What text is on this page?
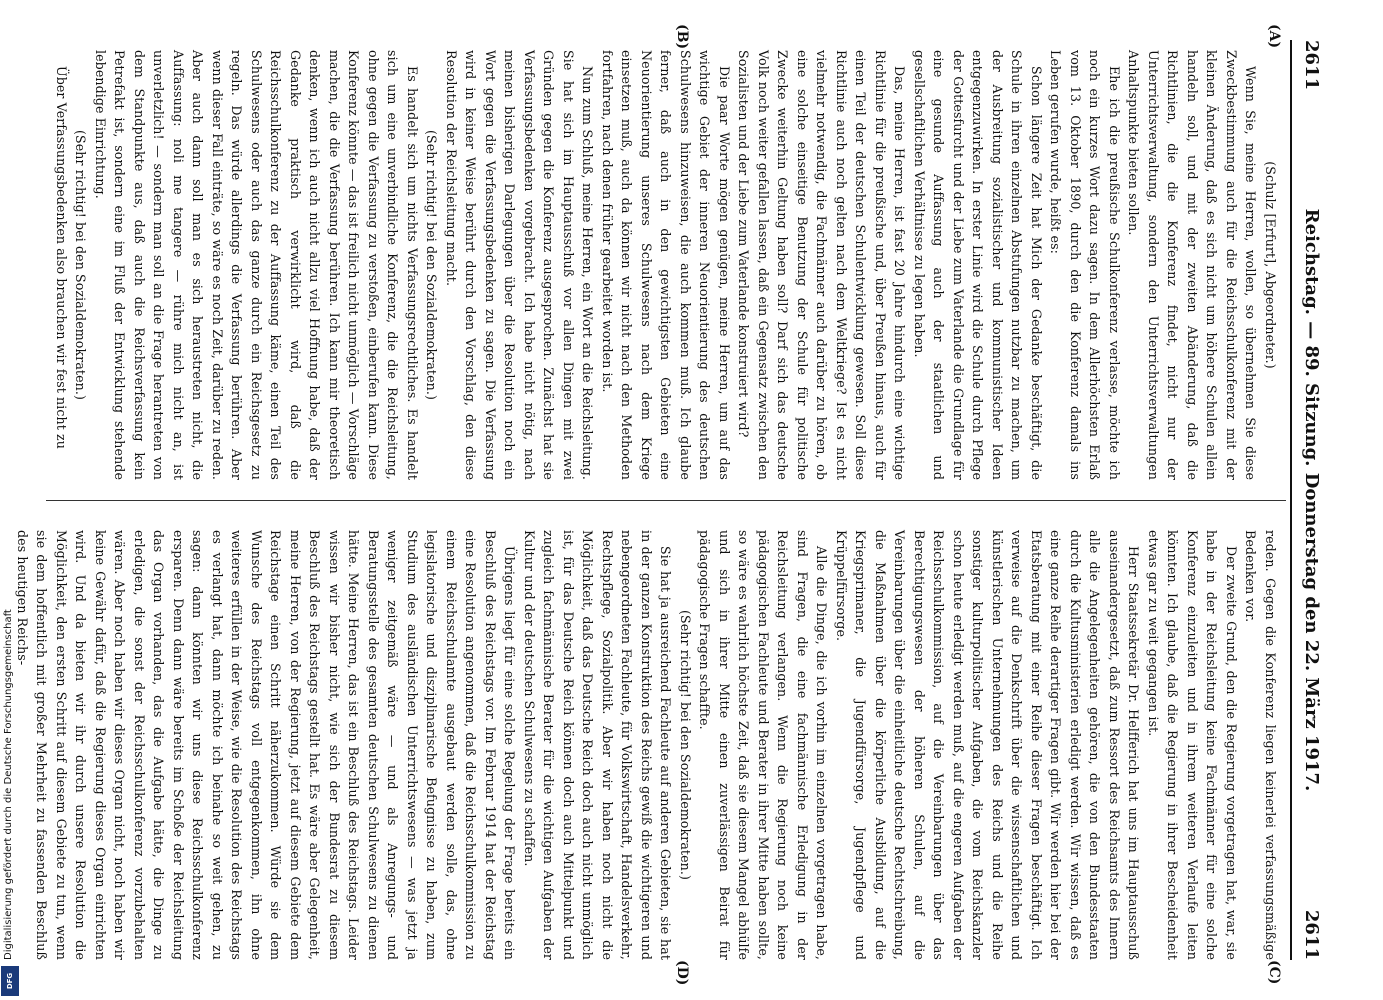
2611
Reichstag. — 89. Sitzung. Donnerstag den 22. März 1917.
2611
(A)
(B)
(C)
(D)

(Schulz [Erfurt], Abgeordneter.)

Wenn Sie, meine Herren, wollen, so übernehmen Sie diese Zweckbestimmung auch für die Reichsschulkonferenz mit der kleinen Änderung, daß es sich nicht um höhere Schulen allein handeln soll, und mit der zweiten Abänderung, daß die Richtlinien, die die Konferenz findet, nicht nur der Unterrichtsverwaltung, sondern den Unterrichtsverwaltungen Anhaltspunkte bieten sollen.

Ehe ich die preußische Schulkonferenz verlasse, möchte ich noch ein kurzes Wort dazu sagen. In dem Allerhöchsten Erlaß vom 13. Oktober 1890, durch den die Konferenz damals ins Leben gerufen wurde, heißt es:

Schon längere Zeit hat Mich der Gedanke beschäftigt, die Schule in ihren einzelnen Abstufungen nutzbar zu machen, um der Ausbreitung sozialistischer und kommunistischer Ideen entgegenzuwirken. In erster Linie wird die Schule durch Pflege der Gottesfurcht und der Liebe zum Vaterlande die Grundlage für eine gesunde Auffassung auch der staatlichen und gesellschaftlichen Verhältnisse zu legen haben.

Das, meine Herren, ist fast 20 Jahre hindurch eine wichtige Richtlinie für die preußische und, über Preußen hinaus, auch für einen Teil der deutschen Schulentwicklung gewesen. Soll diese Richtlinie auch noch gelten nach dem Weltkriege? Ist es nicht vielmehr notwendig, die Fachmänner auch darüber zu hören, ob eine solche einseitige Benutzung der Schule für politische Zwecke weiterhin Geltung haben soll? Darf sich das deutsche Volk noch weiter gefallen lassen, daß ein Gegensatz zwischen den Sozialisten und der Liebe zum Vaterlande konstruiert wird?

Die paar Worte mögen genügen, meine Herren, um auf das wichtige Gebiet der inneren Neuorientierung des deutschen Schulwesens hinzuweisen, die auch kommen muß. Ich glaube ferner, daß auch in den gewichtigsten Gebieten eine Neuorientierung unseres Schulwesens nach dem Kriege einsetzen muß, auch da können wir nicht nach den Methoden fortfahren, nach denen früher gearbeitet worden ist.

Nun zum Schluß, meine Herren, ein Wort an die Reichsleitung. Sie hat sich im Hauptausschuß vor allen Dingen mit zwei Gründen gegen die Konferenz ausgesprochen. Zunächst hat sie Verfassungsbedenken vorgebracht. Ich habe nicht nötig, nach meinen bisherigen Darlegungen über die Resolution noch ein Wort gegen die Verfassungsbedenken zu sagen. Die Verfassung wird in keiner Weise berührt durch den Vorschlag, den diese Resolution der Reichsleitung macht.

(Sehr richtig! bei den Sozialdemokraten.)

Es handelt sich um nichts Verfassungsrechtliches. Es handelt sich um eine unverbindliche Konferenz, die die Reichsleitung, ohne gegen die Verfassung zu verstoßen, einberufen kann. Diese Konferenz könnte — das ist freilich nicht unmöglich — Vorschläge machen, die die Verfassung berühren. Ich kann mir theoretisch denken, wenn ich auch nicht allzu viel Hoffnung habe, daß der Gedanke praktisch verwirklicht wird, daß die Reichsschulkonferenz zu der Auffassung käme, einen Teil des Schulwesens oder auch das ganze durch ein Reichsgesetz zu regeln. Das würde allerdings die Verfassung berühren. Aber wenn dieser Fall einträte, so wäre es noch Zeit, darüber zu reden. Aber auch dann soll man es sich heraustreten nicht, die Auffassung: noli me tangere — rühre mich nicht an, ist unverletzlich! — sondern man soll an die Frage herantreten von dem Standpunkte aus, daß auch die Reichsverfassung kein Petrefakt ist, sondern eine im Fluß der Entwicklung stehende lebendige Einrichtung.

(Sehr richtig! bei den Sozialdemokraten.)

Über Verfassungsbedenken also brauchen wir fest nicht zu

reden. Gegen die Konferenz liegen keinerlei verfassungsmäßige Bedenken vor.

Der zweite Grund, den die Regierung vorgetragen hat, war, sie habe in der Reichsleitung keine Fachmänner für eine solche Konferenz einzuleiten und in ihrem weiteren Verlaufe leiten könnten. Ich glaube, daß die Regierung in ihrer Bescheidenheit etwas gar zu weit gegangen ist.

Herr Staatssekretär Dr. Helfferich hat uns im Hauptausschuß auseinandergesetzt, daß zum Ressort des Reichsamts des Innern alle die Angelegenheiten gehören, die von den Bundesstaaten durch die Kultusministerien erledigt werden. Wir wissen, daß es eine ganze Reihe derartiger Fragen gibt. Wir werden hier bei der Etatsberatung mit einer Reihe dieser Fragen beschäftigt. Ich verweise auf die Denkschrift über die wissenschaftlichen und künstlerischen Unternehmungen des Reichs und die Reihe sonstiger kulturpolitischer Aufgaben, die vom Reichskanzler schon heute erledigt werden muß, auf die engeren Aufgaben der Reichsschulkommission, auf die Vereinbarungen über das Berechtigungswesen der höheren Schulen, auf die Vereinbarungen über die einheitliche deutsche Rechtschreibung, die Maßnahmen über die körperliche Ausbildung, auf die Kriegsprimaner, die Jugendfürsorge, Jugendpflege und Krüppelfürsorge.

Alle die Dinge, die ich vorhin im einzelnen vorgetragen habe, sind Fragen, die eine fachmännische Erledigung in der Reichsleitung verlangen. Wenn die Regierung noch keine pädagogischen Fachleute und Berater in ihrer Mitte haben sollte, so wäre es wahrlich höchste Zeit, daß sie diesem Mangel abhülfe und sich in ihrer Mitte einen zuverlässigen Beirat für pädagogische Fragen schaffte.

(Sehr richtig! bei den Sozialdemokraten.)

Sie hat ja ausreichend Fachleute auf anderen Gebieten, sie hat in der ganzen Konstruktion des Reichs gewiß die wichtigeren und nebengeordneten Fachleute, für Volkswirtschaft, Handelsverkehr, Rechtspflege, Sozialpolitik. Aber wir haben noch nicht die Möglichkeit, daß das Deutsche Reich doch auch nicht unmöglich ist, für das Deutsche Reich können doch auch Mittelpunkt und zugleich fachmännische Berater für die wichtigen Aufgaben der Kultur und der deutschen Schulwesens zu schaffen.

Übrigens liegt für eine solche Regelung der Frage bereits ein Beschluß des Reichstags vor. Im Februar 1914 hat der Reichstag eine Resolution angenommen, daß die Reichsschulkommission zu einem Reichsschulamte ausgebaut werden solle, das, ohne legislatorische und disziplinarische Befugnisse zu haben, zum Studium des ausländischen Unterrichtswesens — was jetzt ja weniger zeitgemäß wäre — und als Anregungs- und Beratungsstelle des gesamten deutschen Schulwesens zu dienen hätte. Meine Herren, das ist ein Beschluß des Reichstags. Leider wissen wir bisher nicht, wie sich der Bundesrat zu diesem Beschluß des Reichstags gestellt hat. Es wäre aber Gelegenheit, meine Herren, von der Regierung, jetzt auf diesem Gebiete dem Reichstage einen Schritt näherzukommen. Würde sie dem Wunsche des Reichstags voll entgegenkommen, ihn ohne weiteres erfüllen in der Weise, wie die Resolution des Reichstags es verlangt hat, dann möchte ich beinahe so weit gehen, zu sagen: dann könnten wir uns diese Reichsschulkonferenz ersparen. Denn dann wäre bereits im Schoße der Reichsleitung das Organ vorhanden, das die Aufgabe hätte, die Dinge zu erledigen, die sonst der Reichsschulkonferenz vorzubehalten wären. Aber noch haben wir dieses Organ nicht, noch haben wir keine Gewähr dafür, daß die Regierung dieses Organ einrichten wird. Und da bieten wir ihr durch unsere Resolution die Möglichkeit, den ersten Schritt auf diesem Gebiete zu tun, wenn sie dem hoffentlich mit großer Mehrheit zu fassenden Beschluß des heutigen Reichs-

Digitalisierung gefördert durch die Deutsche Forschungsgemeinschaft
DFG
